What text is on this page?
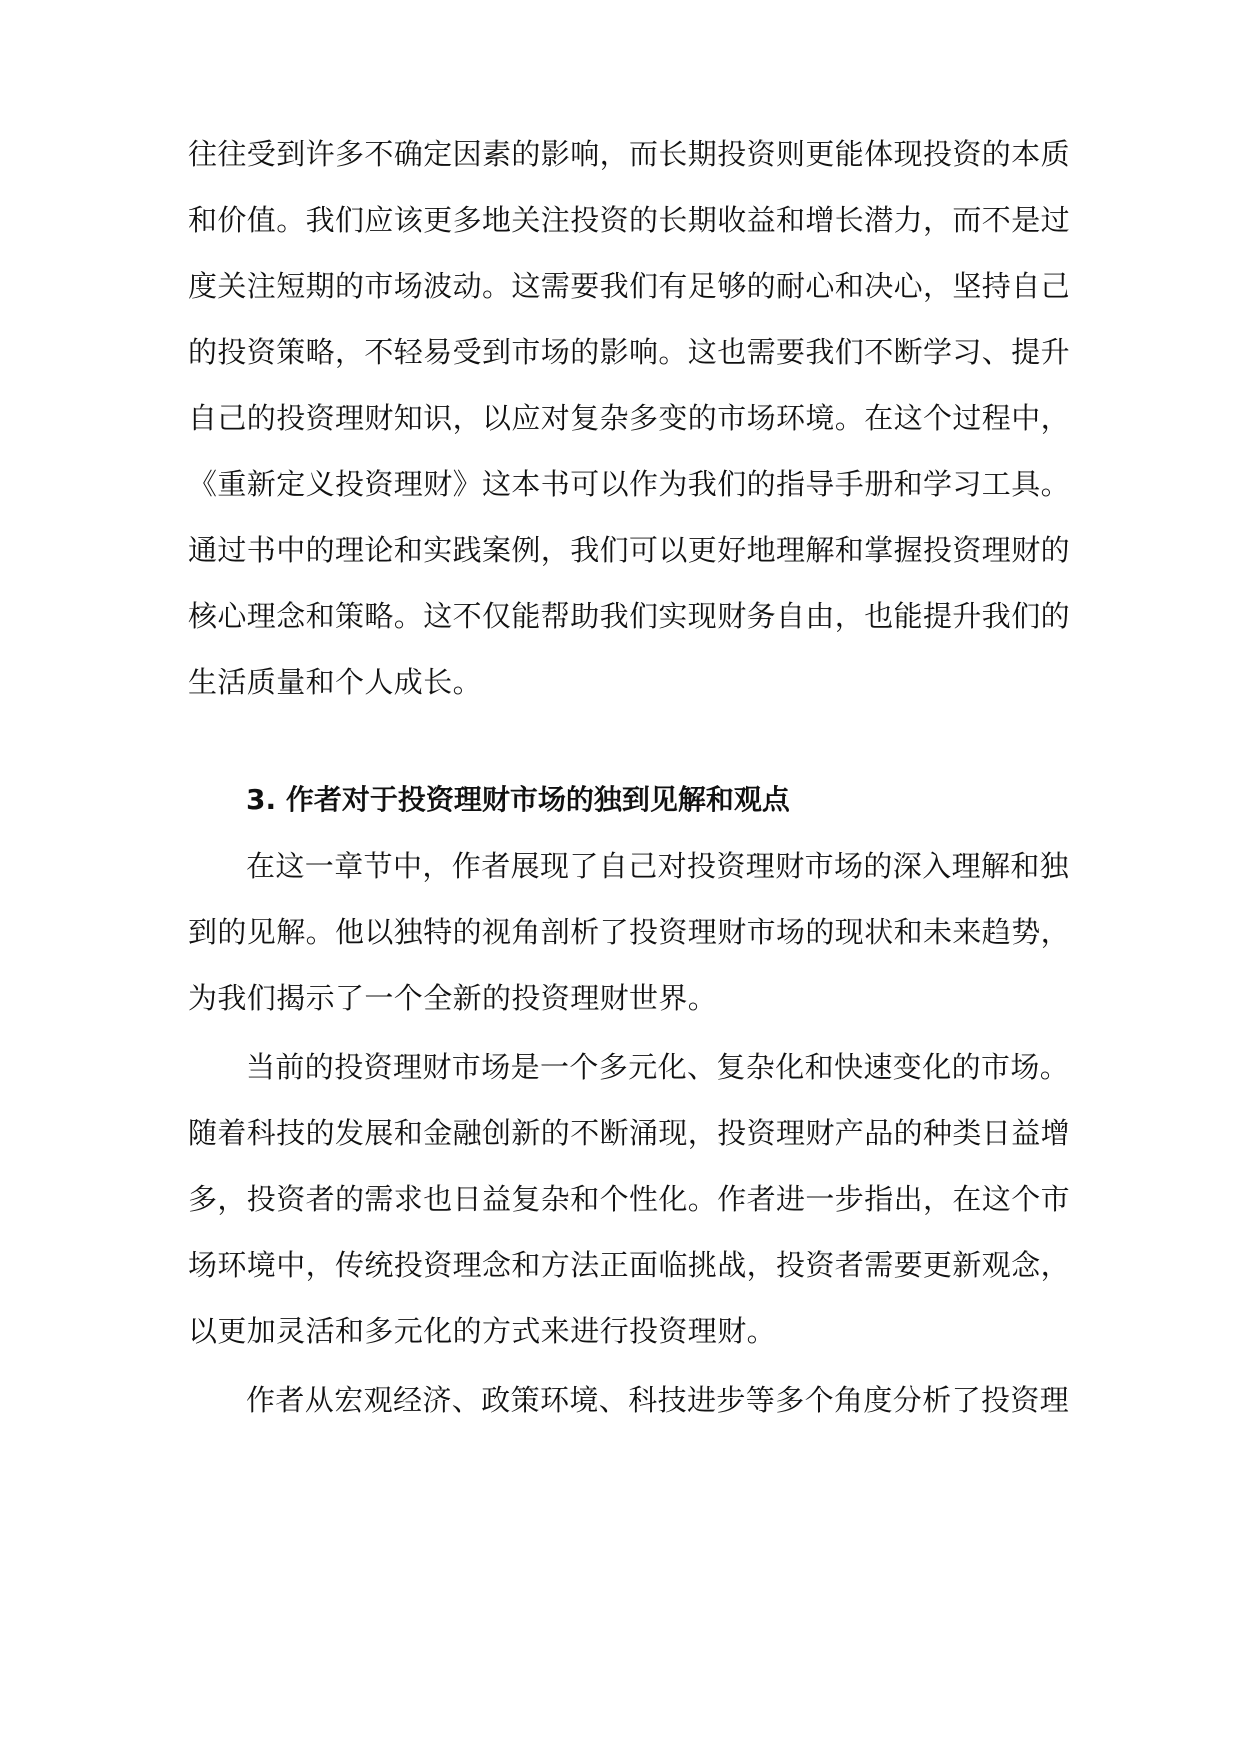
往往受到许多不确定因素的影响，而长期投资则更能体现投资的本质
和价值。我们应该更多地关注投资的长期收益和增长潜力，而不是过
度关注短期的市场波动。这需要我们有足够的耐心和决心，坚持自己
的投资策略，不轻易受到市场的影响。这也需要我们不断学习、提升
自己的投资理财知识，以应对复杂多变的市场环境。在这个过程中，
《重新定义投资理财》这本书可以作为我们的指导手册和学习工具。
通过书中的理论和实践案例，我们可以更好地理解和掌握投资理财的
核心理念和策略。这不仅能帮助我们实现财务自由，也能提升我们的
生活质量和个人成长。
3. 作者对于投资理财市场的独到见解和观点
在这一章节中，作者展现了自己对投资理财市场的深入理解和独
到的见解。他以独特的视角剖析了投资理财市场的现状和未来趋势，
为我们揭示了一个全新的投资理财世界。
当前的投资理财市场是一个多元化、复杂化和快速变化的市场。
随着科技的发展和金融创新的不断涌现，投资理财产品的种类日益增
多，投资者的需求也日益复杂和个性化。作者进一步指出，在这个市
场环境中，传统投资理念和方法正面临挑战，投资者需要更新观念，
以更加灵活和多元化的方式来进行投资理财。
作者从宏观经济、政策环境、科技进步等多个角度分析了投资理
